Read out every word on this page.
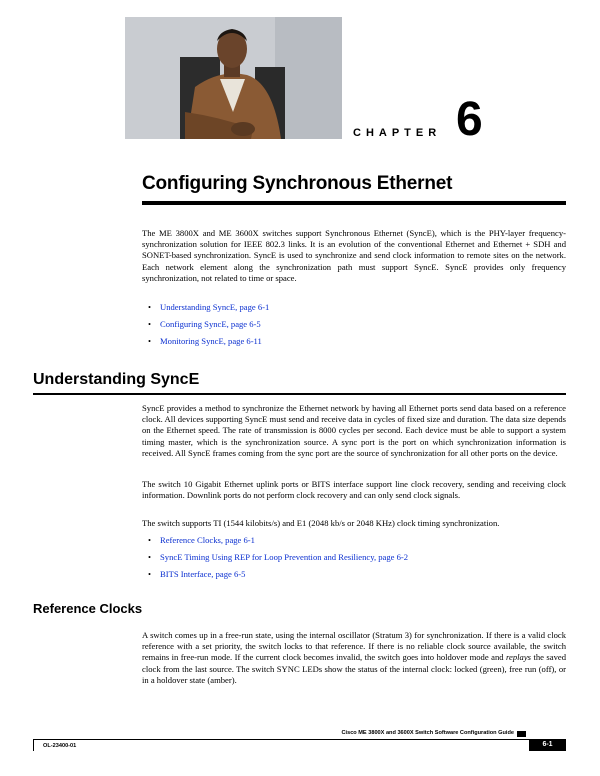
CHAPTER 6
Configuring Synchronous Ethernet

The ME 3800X and ME 3600X switches support Synchronous Ethernet (SyncE), which is the PHY-layer frequency-synchronization solution for IEEE 802.3 links. It is an evolution of the conventional Ethernet and Ethernet + SDH and SONET-based synchronization. SyncE is used to synchronize and send clock information to remote sites on the network. Each network element along the synchronization path must support SyncE. SyncE provides only frequency synchronization, not related to time or space.

• Understanding SyncE, page 6-1
• Configuring SyncE, page 6-5
• Monitoring SyncE, page 6-11
Understanding SyncE

SyncE provides a method to synchronize the Ethernet network by having all Ethernet ports send data based on a reference clock. All devices supporting SyncE must send and receive data in cycles of fixed size and duration. The data size depends on the Ethernet speed. The rate of transmission is 8000 cycles per second. Each device must be able to support a system timing master, which is the synchronization source. A sync port is the port on which synchronization information is received. All SyncE frames coming from the sync port are the source of synchronization for all other ports on the device.

The switch 10 Gigabit Ethernet uplink ports or BITS interface support line clock recovery, sending and receiving clock information. Downlink ports do not perform clock recovery and can only send clock signals.

The switch supports TI (1544 kilobits/s) and E1 (2048 kb/s or 2048 KHz) clock timing synchronization.

• Reference Clocks, page 6-1
• SyncE Timing Using REP for Loop Prevention and Resiliency, page 6-2
• BITS Interface, page 6-5
Reference Clocks

A switch comes up in a free-run state, using the internal oscillator (Stratum 3) for synchronization. If there is a valid clock reference with a set priority, the switch locks to that reference. If there is no reliable clock source available, the switch remains in free-run mode. If the current clock becomes invalid, the switch goes into holdover mode and replays the saved clock from the last source. The switch SYNC LEDs show the status of the internal clock: locked (green), free run (off), or in a holdover state (amber).

Cisco ME 3800X and 3600X Switch Software Configuration Guide
OL-23400-01	6-1
